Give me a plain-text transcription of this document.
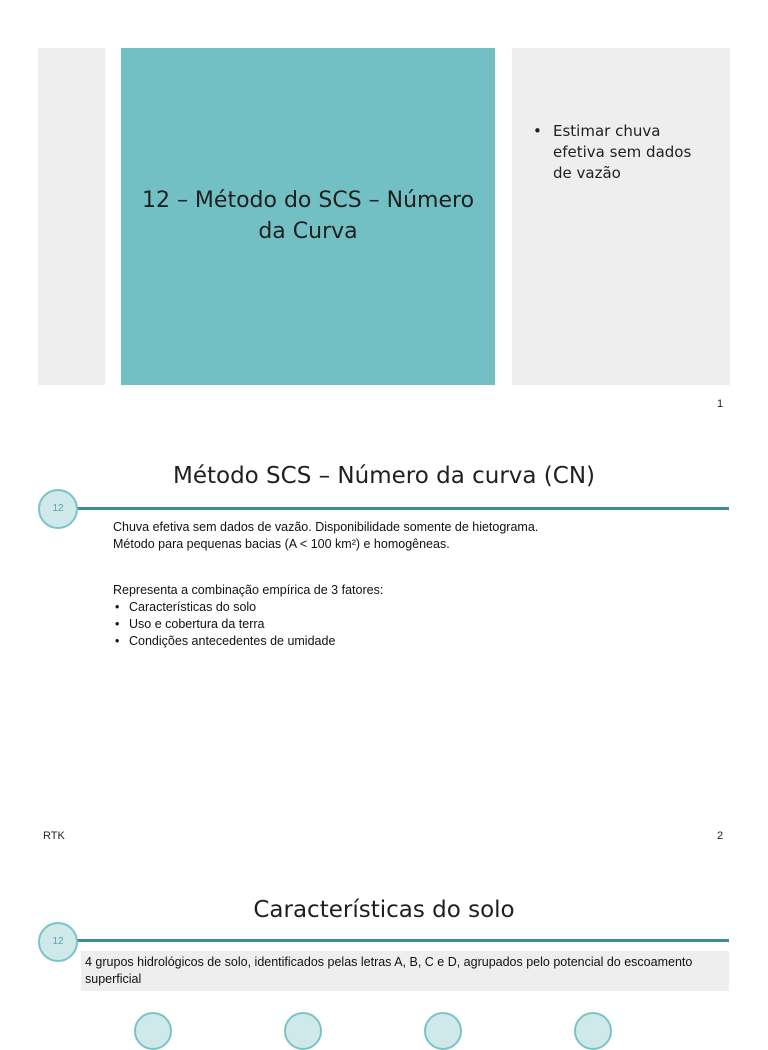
12 – Método do SCS – Número
da Curva
• Estimar chuva
efetiva sem dados
de vazão
1
Método SCS – Número da curva (CN)
12
Chuva efetiva sem dados de vazão. Disponibilidade somente de hietograma.
Método para pequenas bacias (A < 100 km²) e homogêneas.
Representa a combinação empírica de 3 fatores:
• Características do solo
• Uso e cobertura da terra
• Condições antecedentes de umidade
RTK	2
Características do solo
12
4 grupos hidrológicos de solo, identificados pelas letras A, B, C e D, agrupados pelo potencial do escoamento superficial
